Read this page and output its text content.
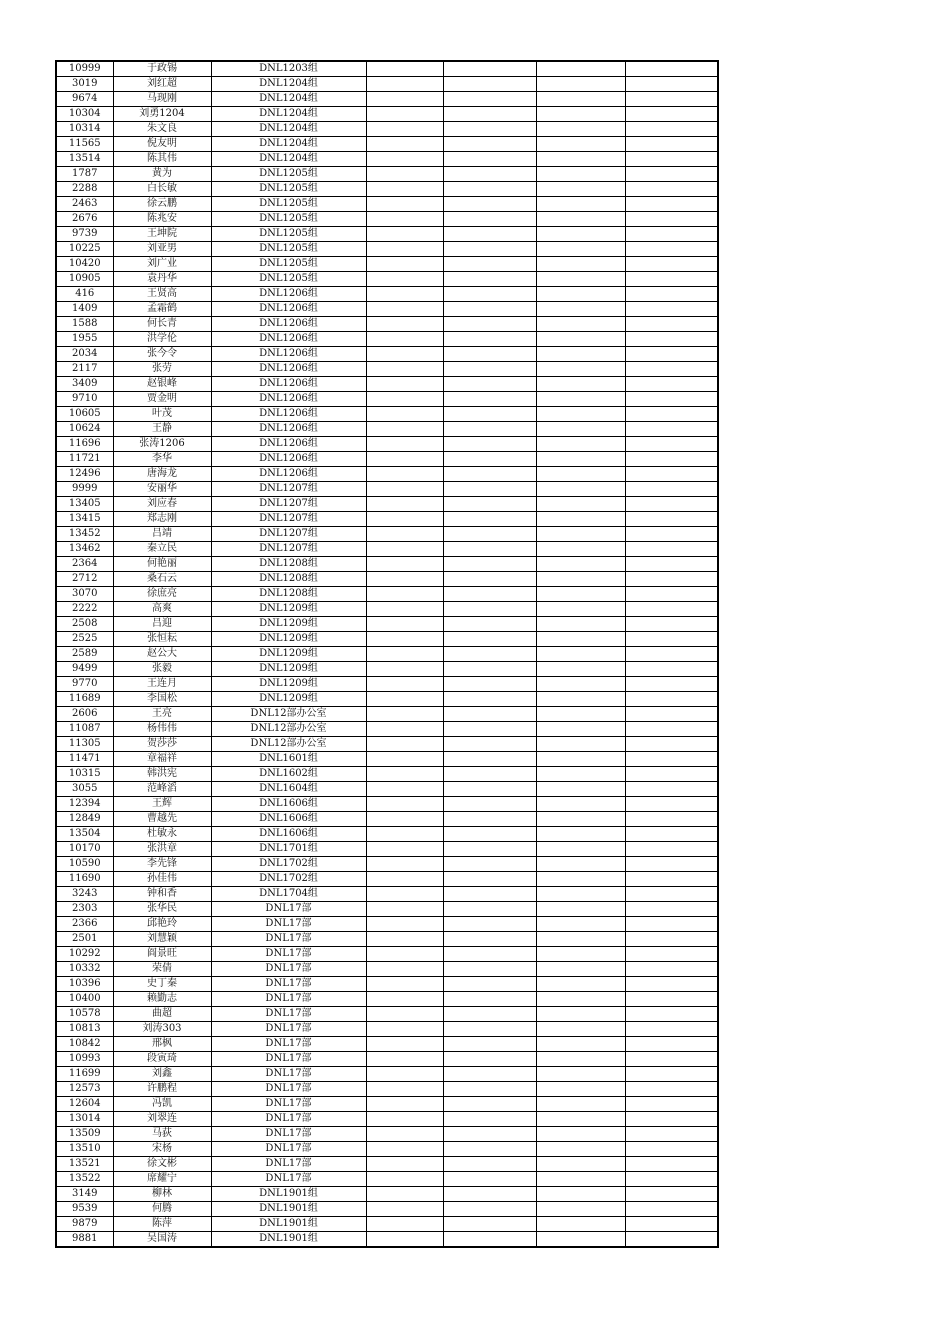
10999	于政锡	DNL1203组				
3019	刘红超	DNL1204组				
9674	马现刚	DNL1204组				
10304	刘勇1204	DNL1204组				
10314	朱文良	DNL1204组				
11565	倪友明	DNL1204组				
13514	陈其伟	DNL1204组				
1787	黄为	DNL1205组				
2288	白长敏	DNL1205组				
2463	徐云鹏	DNL1205组				
2676	陈兆安	DNL1205组				
9739	王坤院	DNL1205组				
10225	刘亚男	DNL1205组				
10420	刘广业	DNL1205组				
10905	袁丹华	DNL1205组				
416	王贤高	DNL1206组				
1409	孟霜鹤	DNL1206组				
1588	何长青	DNL1206组				
1955	洪学伦	DNL1206组				
2034	张今令	DNL1206组				
2117	张劳	DNL1206组				
3409	赵银峰	DNL1206组				
9710	贾金明	DNL1206组				
10605	叶茂	DNL1206组				
10624	王静	DNL1206组				
11696	张涛1206	DNL1206组				
11721	李华	DNL1206组				
12496	唐海龙	DNL1206组				
9999	安丽华	DNL1207组				
13405	刘应春	DNL1207组				
13415	郑志刚	DNL1207组				
13452	吕靖	DNL1207组				
13462	秦立民	DNL1207组				
2364	何艳丽	DNL1208组				
2712	桑石云	DNL1208组				
3070	徐庶亮	DNL1208组				
2222	高爽	DNL1209组				
2508	吕迎	DNL1209组				
2525	张恒耘	DNL1209组				
2589	赵公大	DNL1209组				
9499	张毅	DNL1209组				
9770	王连月	DNL1209组				
11689	李国松	DNL1209组				
2606	王亮	DNL12部办公室				
11087	杨伟伟	DNL12部办公室				
11305	贺莎莎	DNL12部办公室				
11471	章福祥	DNL1601组				
10315	韩洪宪	DNL1602组				
3055	范峰滔	DNL1604组				
12394	王辉	DNL1606组				
12849	曹越先	DNL1606组				
13504	杜敏永	DNL1606组				
10170	张洪章	DNL1701组				
10590	李先锋	DNL1702组				
11690	孙佳伟	DNL1702组				
3243	钟和香	DNL1704组				
2303	张华民	DNL17部				
2366	邱艳玲	DNL17部				
2501	刘慧颖	DNL17部				
10292	阎景旺	DNL17部				
10332	荣倩	DNL17部				
10396	史丁秦	DNL17部				
10400	赖勤志	DNL17部				
10578	曲超	DNL17部				
10813	刘涛303	DNL17部				
10842	邢枫	DNL17部				
10993	段寅琦	DNL17部				
11699	刘鑫	DNL17部				
12573	许鹏程	DNL17部				
12604	冯凯	DNL17部				
13014	刘翠连	DNL17部				
13509	马荻	DNL17部				
13510	宋杨	DNL17部				
13521	徐文彬	DNL17部				
13522	席耀宁	DNL17部				
3149	柳林	DNL1901组				
9539	何腾	DNL1901组				
9879	陈萍	DNL1901组				
9881	吴国涛	DNL1901组				
